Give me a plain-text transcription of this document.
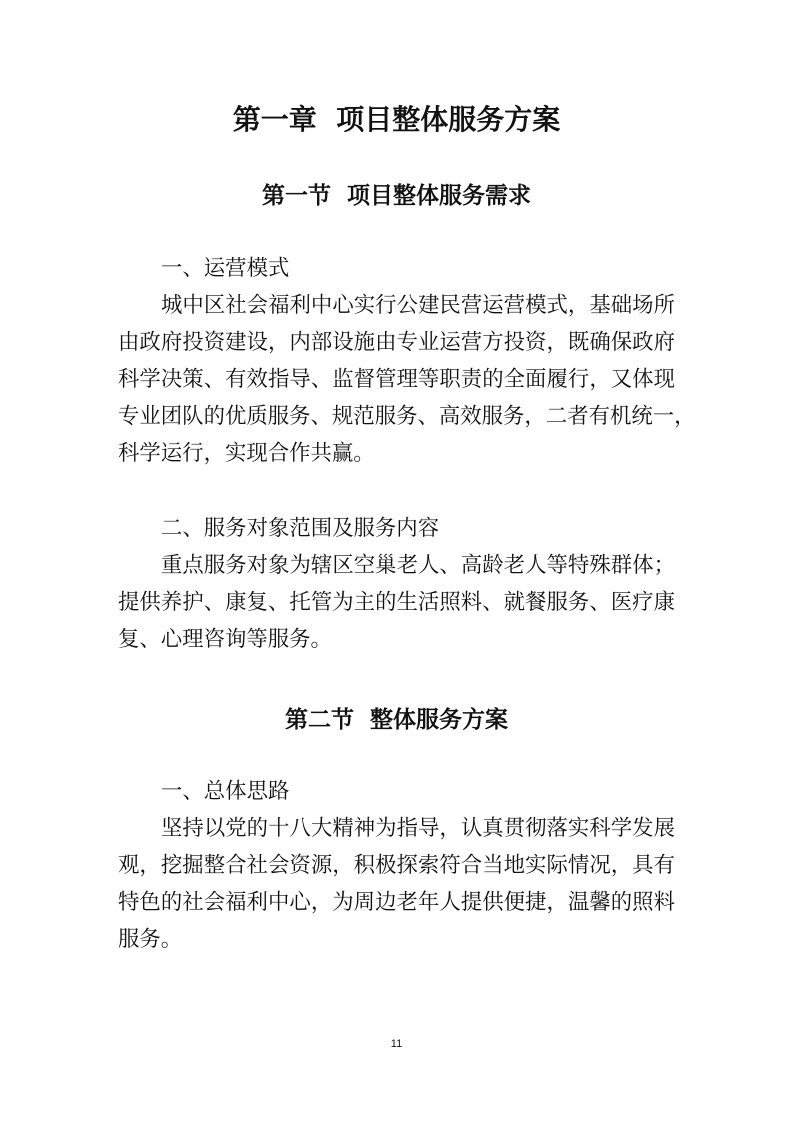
第一章  项目整体服务方案
第一节  项目整体服务需求
一、运营模式
城中区社会福利中心实行公建民营运营模式，基础场所
由政府投资建设，内部设施由专业运营方投资，既确保政府
科学决策、有效指导、监督管理等职责的全面履行，又体现
专业团队的优质服务、规范服务、高效服务，二者有机统一，
科学运行，实现合作共赢。
二、服务对象范围及服务内容
重点服务对象为辖区空巢老人、高龄老人等特殊群体；
提供养护、康复、托管为主的生活照料、就餐服务、医疗康
复、心理咨询等服务。
第二节  整体服务方案
一、总体思路
坚持以党的十八大精神为指导，认真贯彻落实科学发展
观，挖掘整合社会资源，积极探索符合当地实际情况，具有
特色的社会福利中心，为周边老年人提供便捷，温馨的照料
服务。
11
